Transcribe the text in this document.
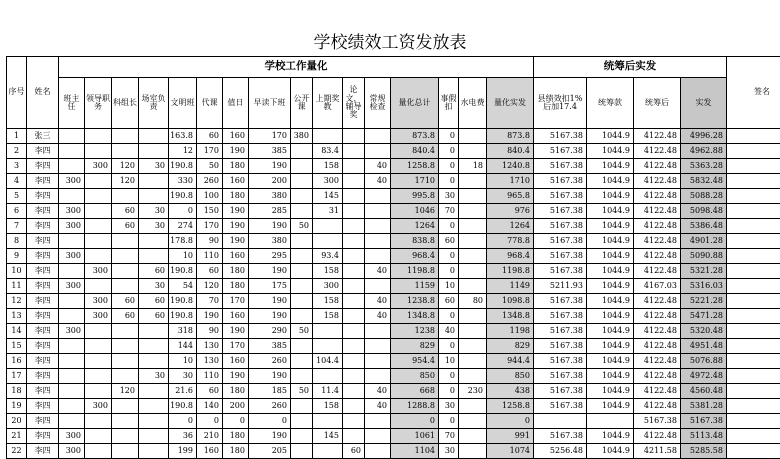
学校绩效工资发放表
序号	姓名	学校工作量化																统筹后实发				签名
		班主任	领导职务	科组长	场室负责	文明班	代课	值日	早读下班	公开课	上期奖教	论文，辅导奖	常规检查	量化总计	事假扣	水电费	量化实发	县绩效扣1%后加17.4	统筹款	统筹后	实发	
1	张三					163.8	60	160	170	380				873.8	0		873.8	5167.38	1044.9	4122.48	4996.28	
2	李四					12	170	190	385		83.4			840.4	0		840.4	5167.38	1044.9	4122.48	4962.88	
3	李四		300	120	30	190.8	50	180	190		158		40	1258.8	0	18	1240.8	5167.38	1044.9	4122.48	5363.28	
4	李四	300		120		330	260	160	200		300		40	1710	0		1710	5167.38	1044.9	4122.48	5832.48	
5	李四					190.8	100	180	380		145			995.8	30		965.8	5167.38	1044.9	4122.48	5088.28	
6	李四	300		60	30	0	150	190	285		31			1046	70		976	5167.38	1044.9	4122.48	5098.48	
7	李四	300		60	30	274	170	190	190	50				1264	0		1264	5167.38	1044.9	4122.48	5386.48	
8	李四					178.8	90	190	380					838.8	60		778.8	5167.38	1044.9	4122.48	4901.28	
9	李四	300				10	110	160	295		93.4			968.4	0		968.4	5167.38	1044.9	4122.48	5090.88	
10	李四		300		60	190.8	60	180	190		158		40	1198.8	0		1198.8	5167.38	1044.9	4122.48	5321.28	
11	李四	300			30	54	120	180	175		300			1159	10		1149	5211.93	1044.9	4167.03	5316.03	
12	李四		300	60	60	190.8	70	170	190		158		40	1238.8	60	80	1098.8	5167.38	1044.9	4122.48	5221.28	
13	李四		300	60	60	190.8	190	160	190		158		40	1348.8	0		1348.8	5167.38	1044.9	4122.48	5471.28	
14	李四	300				318	90	190	290	50				1238	40		1198	5167.38	1044.9	4122.48	5320.48	
15	李四					144	130	170	385					829	0		829	5167.38	1044.9	4122.48	4951.48	
16	李四					10	130	160	260		104.4			954.4	10		944.4	5167.38	1044.9	4122.48	5076.88	
17	李四				30	30	110	190	190					850	0		850	5167.38	1044.9	4122.48	4972.48	
18	李四			120		21.6	60	180	185	50	11.4		40	668	0	230	438	5167.38	1044.9	4122.48	4560.48	
19	李四		300			190.8	140	200	260		158		40	1288.8	30		1258.8	5167.38	1044.9	4122.48	5381.28	
20	李四					0	0	0	0					0	0		0			5167.38	5167.38	
21	李四	300				36	210	180	190		145			1061	70		991	5167.38	1044.9	4122.48	5113.48	
22	李四	300				199	160	180	205			60		1104	30		1074	5256.48	1044.9	4211.58	5285.58	
